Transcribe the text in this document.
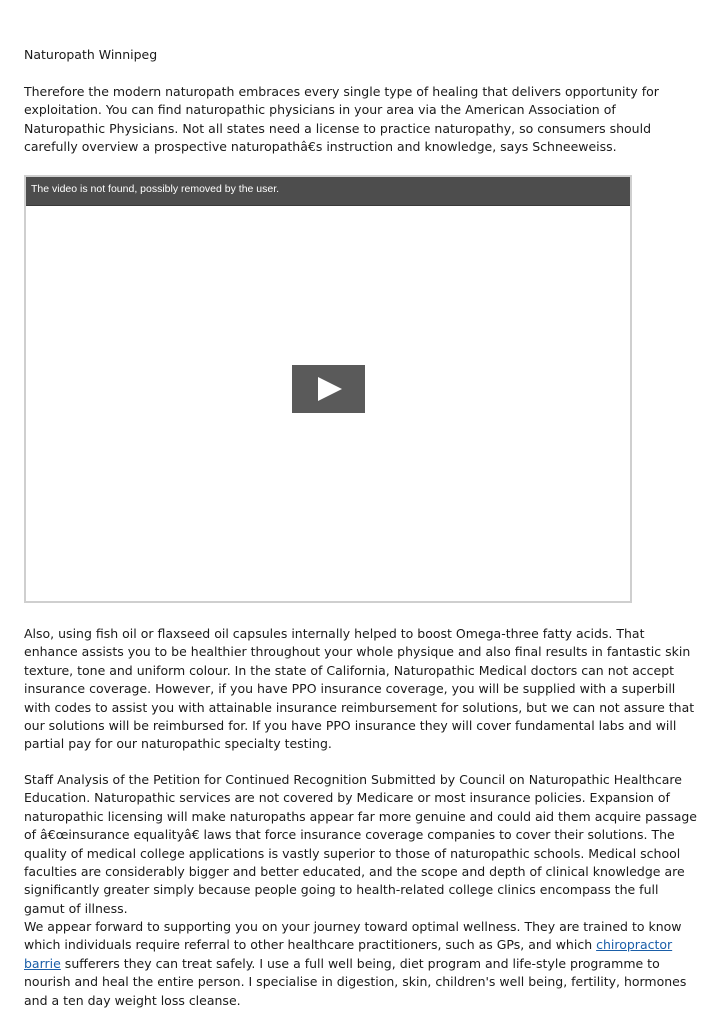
Naturopath Winnipeg

Therefore the modern naturopath embraces every single type of healing that delivers opportunity for exploitation. You can find naturopathic physicians in your area via the American Association of Naturopathic Physicians. Not all states need a license to practice naturopathy, so consumers should carefully overview a prospective naturopathâ€s instruction and knowledge, says Schneeweiss.

The video is not found, possibly removed by the user.

Also, using fish oil or flaxseed oil capsules internally helped to boost Omega-three fatty acids. That enhance assists you to be healthier throughout your whole physique and also final results in fantastic skin texture, tone and uniform colour. In the state of California, Naturopathic Medical doctors can not accept insurance coverage. However, if you have PPO insurance coverage, you will be supplied with a superbill with codes to assist you with attainable insurance reimbursement for solutions, but we can not assure that our solutions will be reimbursed for. If you have PPO insurance they will cover fundamental labs and will partial pay for our naturopathic specialty testing.

Staff Analysis of the Petition for Continued Recognition Submitted by Council on Naturopathic Healthcare Education. Naturopathic services are not covered by Medicare or most insurance policies. Expansion of naturopathic licensing will make naturopaths appear far more genuine and could aid them acquire passage of â€œinsurance equalityâ€ laws that force insurance coverage companies to cover their solutions. The quality of medical college applications is vastly superior to those of naturopathic schools. Medical school faculties are considerably bigger and better educated, and the scope and depth of clinical knowledge are significantly greater simply because people going to health-related college clinics encompass the full gamut of illness.

We appear forward to supporting you on your journey toward optimal wellness. They are trained to know which individuals require referral to other healthcare practitioners, such as GPs, and which chiropractor barrie sufferers they can treat safely. I use a full well being, diet program and life-style programme to nourish and heal the entire person. I specialise in digestion, skin, children's well being, fertility, hormones and a ten day weight loss cleanse.
